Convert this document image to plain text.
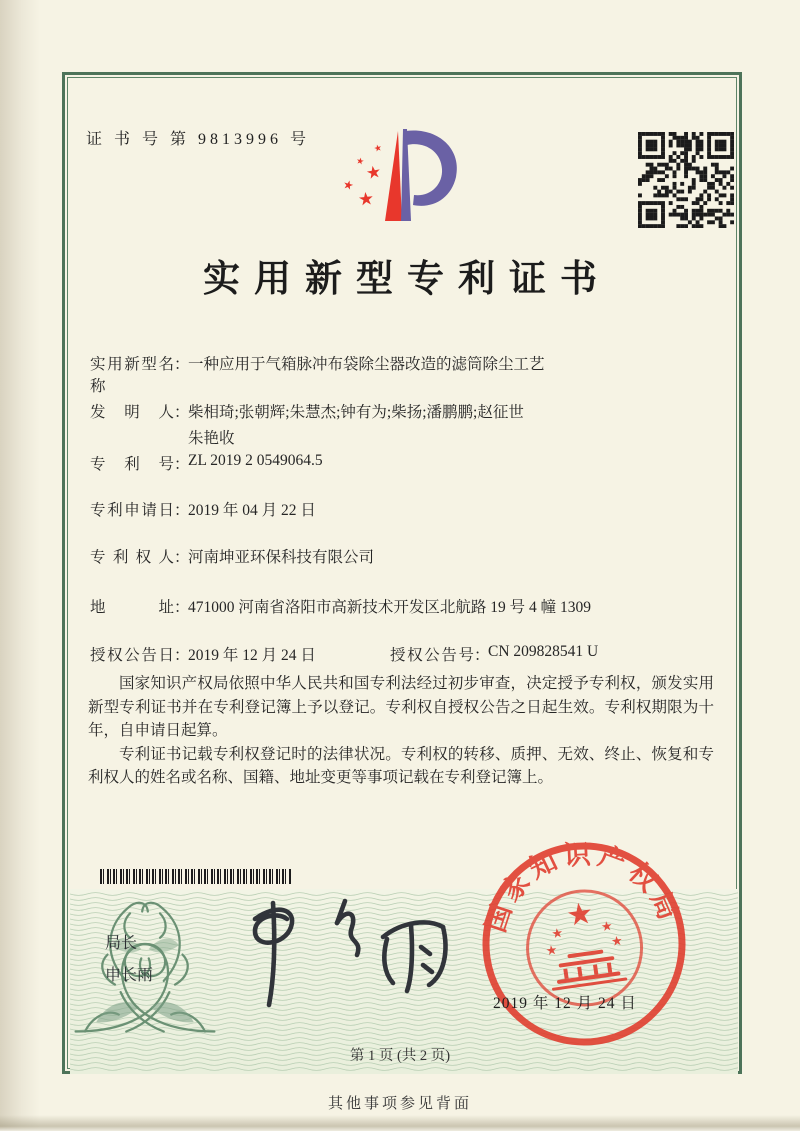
证 书 号 第 9813996 号
★
★
★
★
★
实用新型专利证书
实用新型名称：一种应用于气箱脉冲布袋除尘器改造的滤筒除尘工艺
发明人：柴相琦;张朝辉;朱慧杰;钟有为;柴扬;潘鹏鹏;赵征世
朱艳收
专利号：ZL 2019 2 0549064.5
专利申请日：2019 年 04 月 22 日
专利权人：河南坤亚环保科技有限公司
地址：471000 河南省洛阳市高新技术开发区北航路 19 号 4 幢 1309
授权公告日：2019 年 12 月 24 日	授权公告号：CN 209828541 U

国家知识产权局依照中华人民共和国专利法经过初步审查，决定授予专利权，颁发实用新型专利证书并在专利登记簿上予以登记。专利权自授权公告之日起生效。专利权期限为十年，自申请日起算。

专利证书记载专利权登记时的法律状况。专利权的转移、质押、无效、终止、恢复和专利权人的姓名或名称、国籍、地址变更等事项记载在专利登记簿上。

局长
申长雨
国家知识产权局
★
★	★
★
★
2019 年 12 月 24 日
第 1 页 (共 2 页)
其他事项参见背面
